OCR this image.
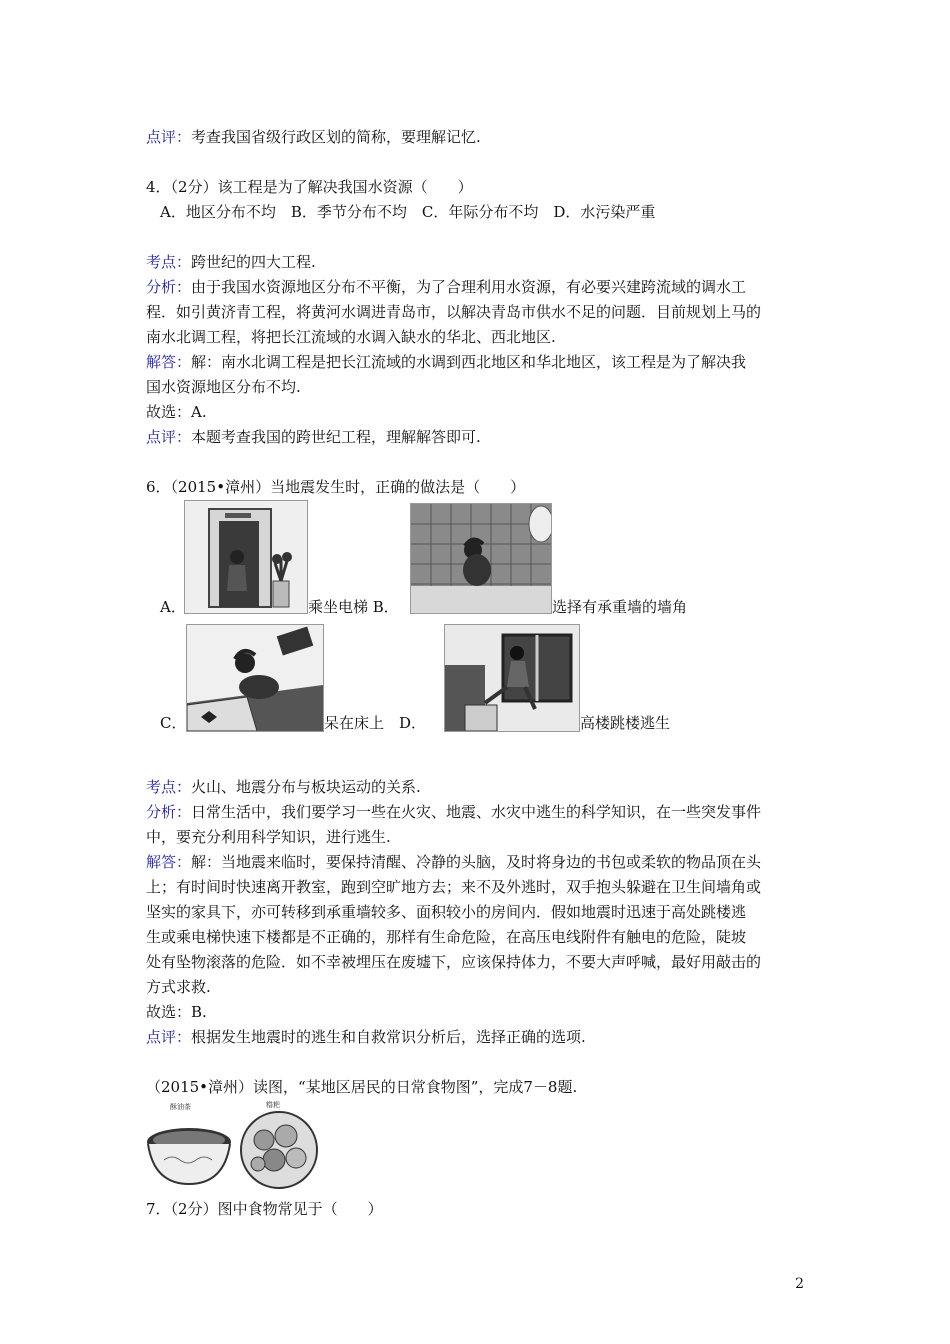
点评：考查我国省级行政区划的简称，要理解记忆.
4．（2分）该工程是为了解决我国水资源（　　）
A．地区分布不均　B．季节分布不均　C．年际分布不均　D．水污染严重
考点：跨世纪的四大工程.
分析：由于我国水资源地区分布不平衡，为了合理利用水资源，有必要兴建跨流域的调水工
程．如引黄济青工程，将黄河水调进青岛市，以解决青岛市供水不足的问题．目前规划上马的
南水北调工程，将把长江流域的水调入缺水的华北、西北地区.
解答：解：南水北调工程是把长江流域的水调到西北地区和华北地区，该工程是为了解决我
国水资源地区分布不均.
故选：A.
点评：本题考查我国的跨世纪工程，理解解答即可.
6．（2015•漳州）当地震发生时，正确的做法是（　　）
A．	乘坐电梯 B．	选择有承重墙的墙角
C．	呆在床上　D．	高楼跳楼逃生
考点：火山、地震分布与板块运动的关系.
分析：日常生活中，我们要学习一些在火灾、地震、水灾中逃生的科学知识，在一些突发事件
中，要充分利用科学知识，进行逃生.
解答：解：当地震来临时，要保持清醒、冷静的头脑，及时将身边的书包或柔软的物品顶在头
上；有时间时快速离开教室，跑到空旷地方去；来不及外逃时，双手抱头躲避在卫生间墙角或
坚实的家具下，亦可转移到承重墙较多、面积较小的房间内．假如地震时迅速于高处跳楼逃
生或乘电梯快速下楼都是不正确的，那样有生命危险，在高压电线附件有触电的危险，陡坡
处有坠物滚落的危险．如不幸被埋压在废墟下，应该保持体力，不要大声呼喊，最好用敲击的
方式求救.
故选：B.
点评：根据发生地震时的逃生和自救常识分析后，选择正确的选项.
（2015•漳州）读图，“某地区居民的日常食物图”，完成7－8题.
酥油茶	糌粑
7．（2分）图中食物常见于（　　）
2
